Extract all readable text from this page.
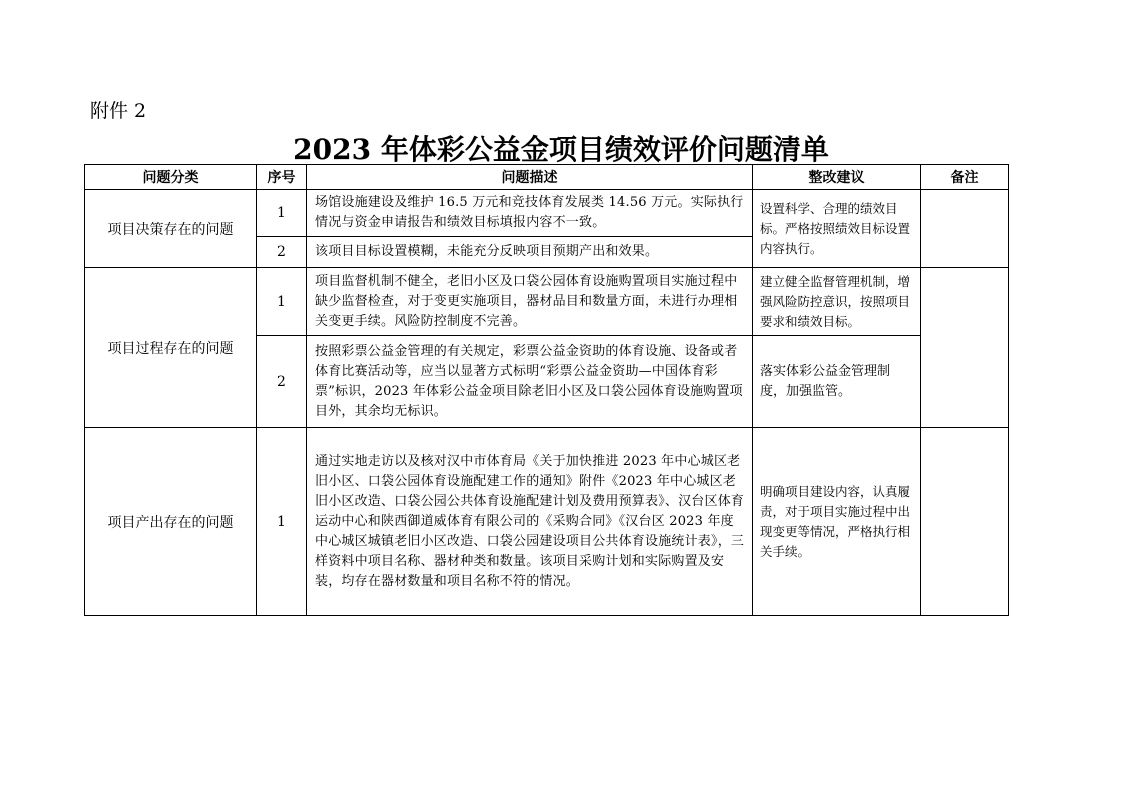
附件 2
2023 年体彩公益金项目绩效评价问题清单
问题分类	序号	问题描述	整改建议	备注
项目决策存在的问题	1	场馆设施建设及维护 16.5 万元和竞技体育发展类 14.56 万元。实际执行情况与资金申请报告和绩效目标填报内容不一致。	设置科学、合理的绩效目标。严格按照绩效目标设置内容执行。	
	2	该项目目标设置模糊，未能充分反映项目预期产出和效果。		
项目过程存在的问题	1	项目监督机制不健全，老旧小区及口袋公园体育设施购置项目实施过程中缺少监督检查，对于变更实施项目，器材品目和数量方面，未进行办理相关变更手续。风险防控制度不完善。	建立健全监督管理机制，增强风险防控意识，按照项目要求和绩效目标。	
	2	按照彩票公益金管理的有关规定，彩票公益金资助的体育设施、设备或者体育比赛活动等，应当以显著方式标明“彩票公益金资助—中国体育彩票”标识，2023 年体彩公益金项目除老旧小区及口袋公园体育设施购置项目外，其余均无标识。	落实体彩公益金管理制度，加强监管。	
项目产出存在的问题	1	通过实地走访以及核对汉中市体育局《关于加快推进 2023 年中心城区老旧小区、口袋公园体育设施配建工作的通知》附件《2023 年中心城区老旧小区改造、口袋公园公共体育设施配建计划及费用预算表》、汉台区体育运动中心和陕西御道威体育有限公司的《采购合同》《汉台区 2023 年度中心城区城镇老旧小区改造、口袋公园建设项目公共体育设施统计表》，三样资料中项目名称、器材种类和数量。该项目采购计划和实际购置及安装，均存在器材数量和项目名称不符的情况。	明确项目建设内容，认真履责，对于项目实施过程中出现变更等情况，严格执行相关手续。	
